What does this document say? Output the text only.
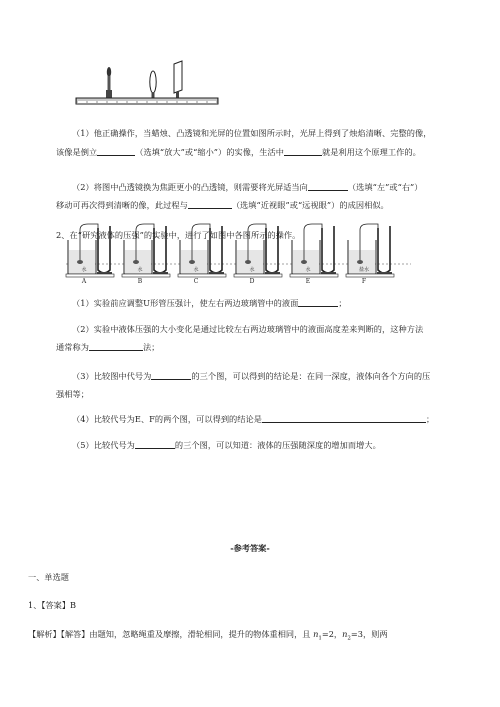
（1）他正确操作，当蜡烛、凸透镜和光屏的位置如图所示时，光屏上得到了烛焰清晰、完整的像，
该像是倒立	（选填“放大”或“缩小”）的实像，生活中	就是利用这个原理工作的。
（2）将图中凸透镜换为焦距更小的凸透镜，则需要将光屏适当向	（选填“左”或“右”）
移动可再次得到清晰的像，此过程与	（选填“近视眼”或“远视眼”）的成因相似。
2、在“研究液体的压强”的实验中，进行了如图中各图所示的操作。
水
A
水
B
水
C
水
D
水
E
盐水
F
（1）实验前应调整U形管压强计，使左右两边玻璃管中的液面	；
（2）实验中液体压强的大小变化是通过比较左右两边玻璃管中的液面高度差来判断的，这种方法
通常称为	法；
（3）比较图中代号为	的三个图，可以得到的结论是：在同一深度，液体向各个方向的压
强相等；
（4）比较代号为E、F的两个图，可以得到的结论是	；
（5）比较代号为	的三个图，可以知道：液体的压强随深度的增加而增大。
-参考答案-
一、单选题
1、【答案】B
【解析】【解答】由题知，忽略绳重及摩擦，滑轮相同，提升的物体重相同，且 $n_1=2$，$n_2=3$，则两
